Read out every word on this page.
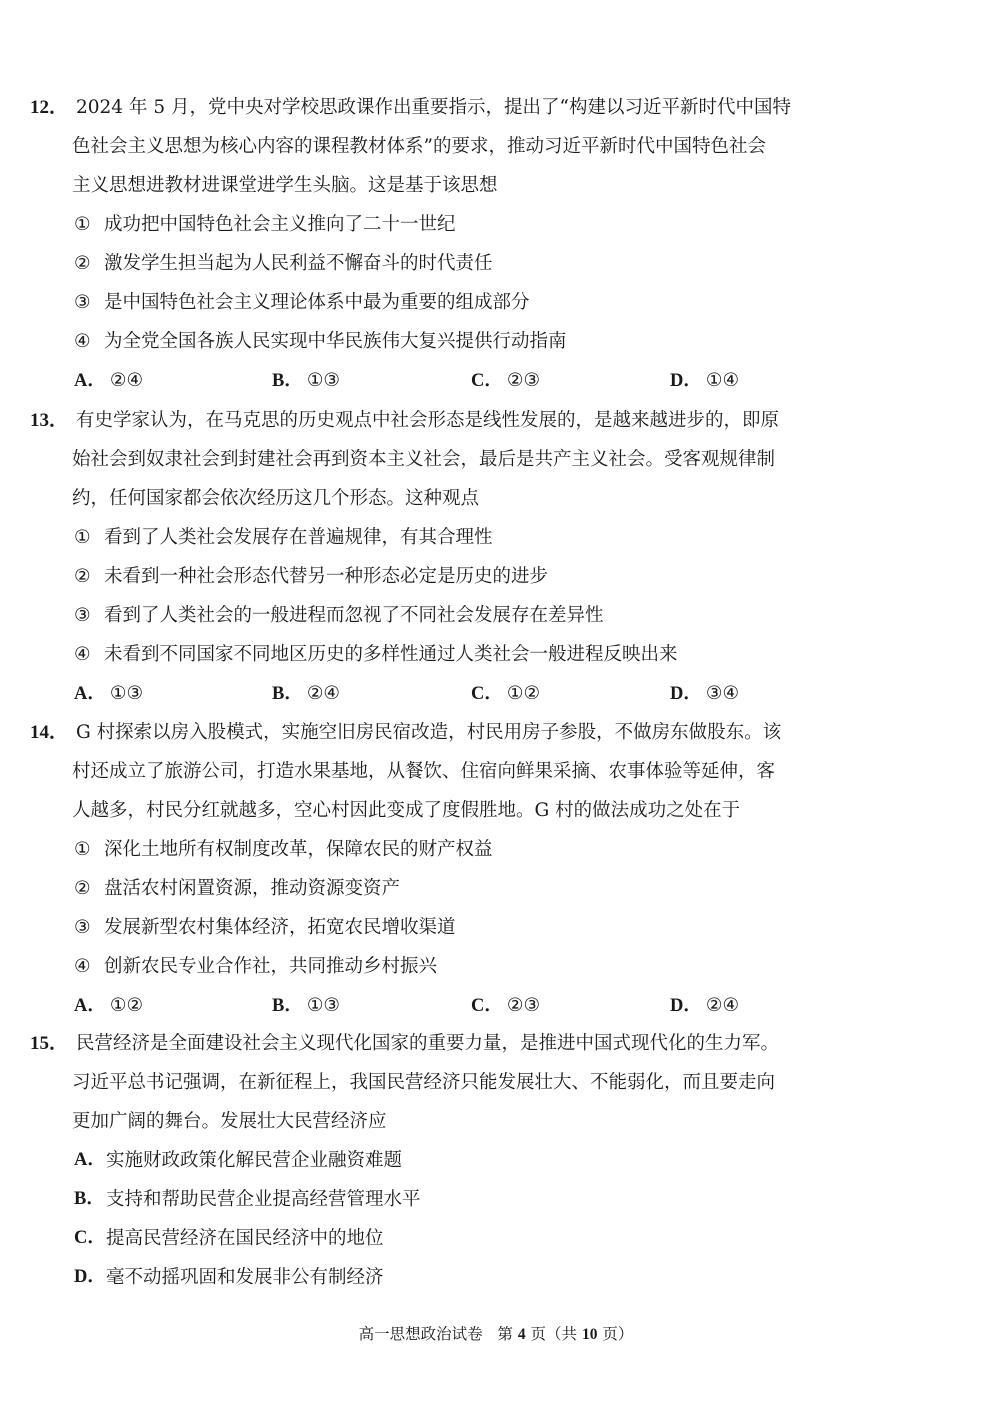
12． 2024 年 5 月，党中央对学校思政课作出重要指示，提出了“构建以习近平新时代中国特
色社会主义思想为核心内容的课程教材体系”的要求，推动习近平新时代中国特色社会
主义思想进教材进课堂进学生头脑。这是基于该思想
① 成功把中国特色社会主义推向了二十一世纪
② 激发学生担当起为人民利益不懈奋斗的时代责任
③ 是中国特色社会主义理论体系中最为重要的组成部分
④ 为全党全国各族人民实现中华民族伟大复兴提供行动指南
A． ②④	B． ①③	C． ②③	D． ①④
13． 有史学家认为，在马克思的历史观点中社会形态是线性发展的，是越来越进步的，即原
始社会到奴隶社会到封建社会再到资本主义社会，最后是共产主义社会。受客观规律制
约，任何国家都会依次经历这几个形态。这种观点
① 看到了人类社会发展存在普遍规律，有其合理性
② 未看到一种社会形态代替另一种形态必定是历史的进步
③ 看到了人类社会的一般进程而忽视了不同社会发展存在差异性
④ 未看到不同国家不同地区历史的多样性通过人类社会一般进程反映出来
A． ①③	B． ②④	C． ①②	D． ③④
14． G 村探索以房入股模式，实施空旧房民宿改造，村民用房子参股，不做房东做股东。该
村还成立了旅游公司，打造水果基地，从餐饮、住宿向鲜果采摘、农事体验等延伸，客
人越多，村民分红就越多，空心村因此变成了度假胜地。G 村的做法成功之处在于
① 深化土地所有权制度改革，保障农民的财产权益
② 盘活农村闲置资源，推动资源变资产
③ 发展新型农村集体经济，拓宽农民增收渠道
④ 创新农民专业合作社，共同推动乡村振兴
A． ①②	B． ①③	C． ②③	D． ②④
15． 民营经济是全面建设社会主义现代化国家的重要力量，是推进中国式现代化的生力军。
习近平总书记强调，在新征程上，我国民营经济只能发展壮大、不能弱化，而且要走向
更加广阔的舞台。发展壮大民营经济应
A． 实施财政政策化解民营企业融资难题
B． 支持和帮助民营企业提高经营管理水平
C． 提高民营经济在国民经济中的地位
D． 毫不动摇巩固和发展非公有制经济
高一思想政治试卷 第 4 页（共 10 页）
